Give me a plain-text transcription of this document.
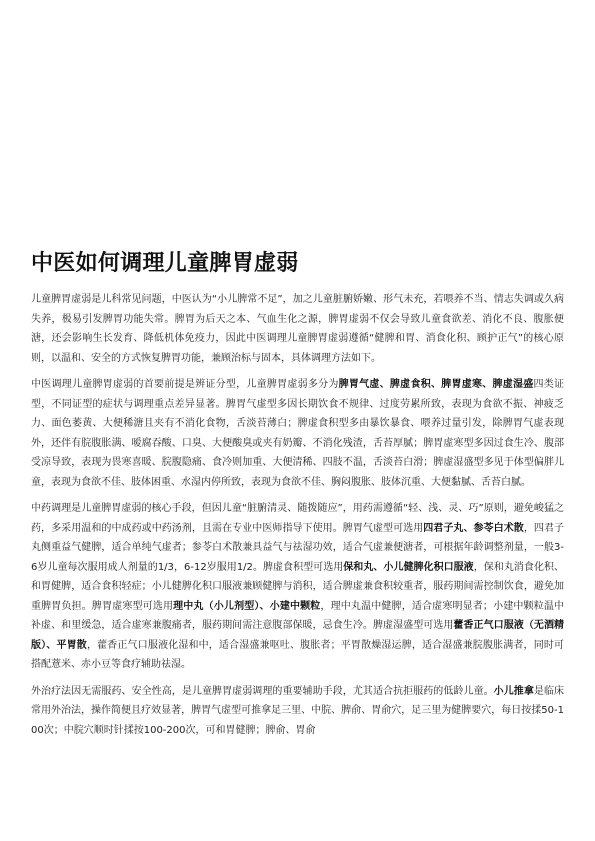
中医如何调理儿童脾胃虚弱

儿童脾胃虚弱是儿科常见问题，中医认为“小儿脾常不足”，加之儿童脏腑娇嫩、形气未充，若喂养不当、情志失调或久病失养，极易引发脾胃功能失常。脾胃为后天之本、气血生化之源，脾胃虚弱不仅会导致儿童食欲差、消化不良、腹胀便溏，还会影响生长发育、降低机体免疫力，因此中医调理儿童脾胃虚弱遵循“健脾和胃、消食化积、顾护正气”的核心原则，以温和、安全的方式恢复脾胃功能，兼顾治标与固本，具体调理方法如下。

中医调理儿童脾胃虚弱的首要前提是辨证分型，儿童脾胃虚弱多分为脾胃气虚、脾虚食积、脾胃虚寒、脾虚湿盛四类证型，不同证型的症状与调理重点差异显著。脾胃气虚型多因长期饮食不规律、过度劳累所致，表现为食欲不振、神疲乏力、面色萎黄、大便稀溏且夹有不消化食物，舌淡苔薄白；脾虚食积型多由暴饮暴食、喂养过量引发，除脾胃气虚表现外，还伴有脘腹胀满、嗳腐吞酸、口臭、大便酸臭或夹有奶瓣、不消化残渣，舌苔厚腻；脾胃虚寒型多因过食生冷、腹部受凉导致，表现为畏寒喜暖、脘腹隐痛、食冷则加重、大便清稀、四肢不温，舌淡苔白滑；脾虚湿盛型多见于体型偏胖儿童，表现为食欲不佳、肢体困重、水湿内停所致，表现为食欲不佳、胸闷腹胀、肢体沉重、大便黏腻、舌苔白腻。

中药调理是儿童脾胃虚弱的核心手段，但因儿童“脏腑清灵、随拨随应”，用药需遵循“轻、浅、灵、巧”原则，避免峻猛之药，多采用温和的中成药或中药汤剂，且需在专业中医师指导下使用。脾胃气虚型可选用四君子丸、参苓白术散，四君子丸侧重益气健脾，适合单纯气虚者；参苓白术散兼具益气与祛湿功效，适合气虚兼便溏者，可根据年龄调整剂量，一般3-6岁儿童每次服用成人剂量的1/3，6-12岁服用1/2。脾虚食积型可选用保和丸、小儿健脾化积口服液，保和丸消食化积、和胃健脾，适合食积轻症；小儿健脾化积口服液兼顾健脾与消积，适合脾虚兼食积较重者，服药期间需控制饮食，避免加重脾胃负担。脾胃虚寒型可选用理中丸（小儿剂型）、小建中颗粒，理中丸温中健脾，适合虚寒明显者；小建中颗粒温中补虚、和里缓急，适合虚寒兼腹痛者，服药期间需注意腹部保暖，忌食生冷。脾虚湿盛型可选用藿香正气口服液（无酒精版）、平胃散，藿香正气口服液化湿和中，适合湿盛兼呕吐、腹胀者；平胃散燥湿运脾，适合湿盛兼脘腹胀满者，同时可搭配薏米、赤小豆等食疗辅助祛湿。

外治疗法因无需服药、安全性高，是儿童脾胃虚弱调理的重要辅助手段，尤其适合抗拒服药的低龄儿童。小儿推拿是临床常用外治法，操作简便且疗效显著，脾胃气虚型可推拿足三里、中脘、脾俞、胃俞穴，足三里为健脾要穴，每日按揉50-100次；中脘穴顺时针揉按100-200次，可和胃健脾；脾俞、胃俞
